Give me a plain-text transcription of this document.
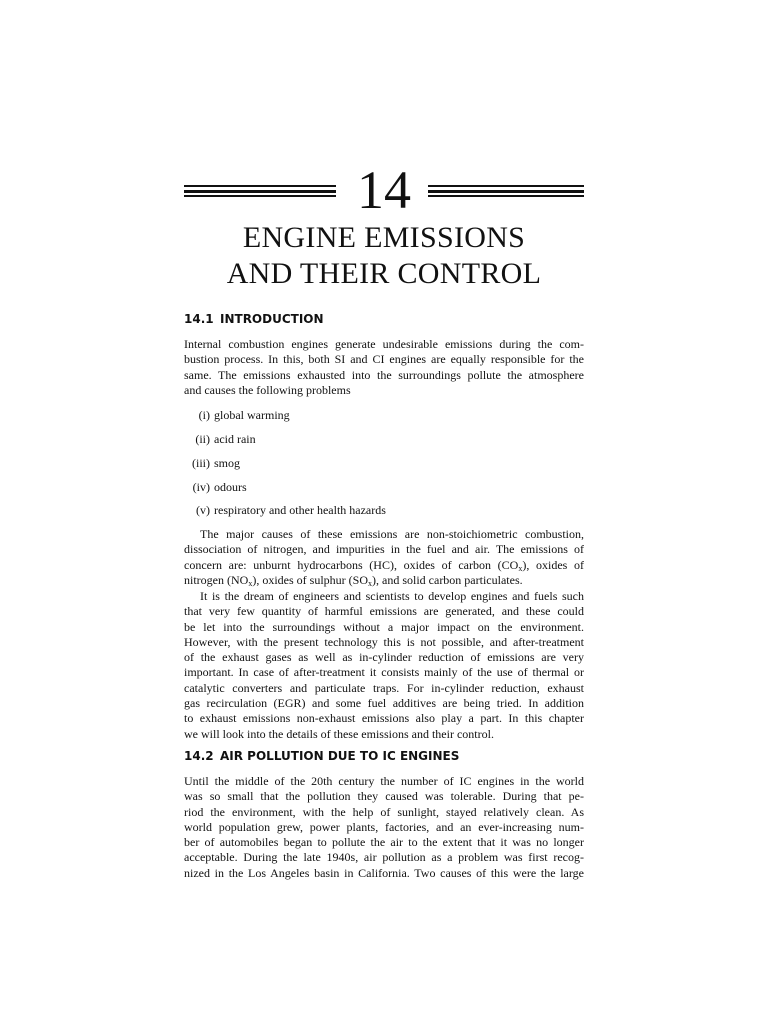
14
ENGINE EMISSIONS
AND THEIR CONTROL
14.1 INTRODUCTION
Internal combustion engines generate undesirable emissions during the com-
bustion process. In this, both SI and CI engines are equally responsible for the
same. The emissions exhausted into the surroundings pollute the atmosphere
and causes the following problems
(i) global warming
(ii) acid rain
(iii) smog
(iv) odours
(v) respiratory and other health hazards
The major causes of these emissions are non-stoichiometric combustion,
dissociation of nitrogen, and impurities in the fuel and air. The emissions of
concern are: unburnt hydrocarbons (HC), oxides of carbon $(CO_x)$, oxides of
nitrogen $(NO_x)$, oxides of sulphur $(SO_x)$, and solid carbon particulates.
It is the dream of engineers and scientists to develop engines and fuels such
that very few quantity of harmful emissions are generated, and these could
be let into the surroundings without a major impact on the environment.
However, with the present technology this is not possible, and after-treatment
of the exhaust gases as well as in-cylinder reduction of emissions are very
important. In case of after-treatment it consists mainly of the use of thermal or
catalytic converters and particulate traps. For in-cylinder reduction, exhaust
gas recirculation (EGR) and some fuel additives are being tried. In addition
to exhaust emissions non-exhaust emissions also play a part. In this chapter
we will look into the details of these emissions and their control.
14.2 AIR POLLUTION DUE TO IC ENGINES
Until the middle of the 20th century the number of IC engines in the world
was so small that the pollution they caused was tolerable. During that pe-
riod the environment, with the help of sunlight, stayed relatively clean. As
world population grew, power plants, factories, and an ever-increasing num-
ber of automobiles began to pollute the air to the extent that it was no longer
acceptable. During the late 1940s, air pollution as a problem was first recog-
nized in the Los Angeles basin in California. Two causes of this were the large
